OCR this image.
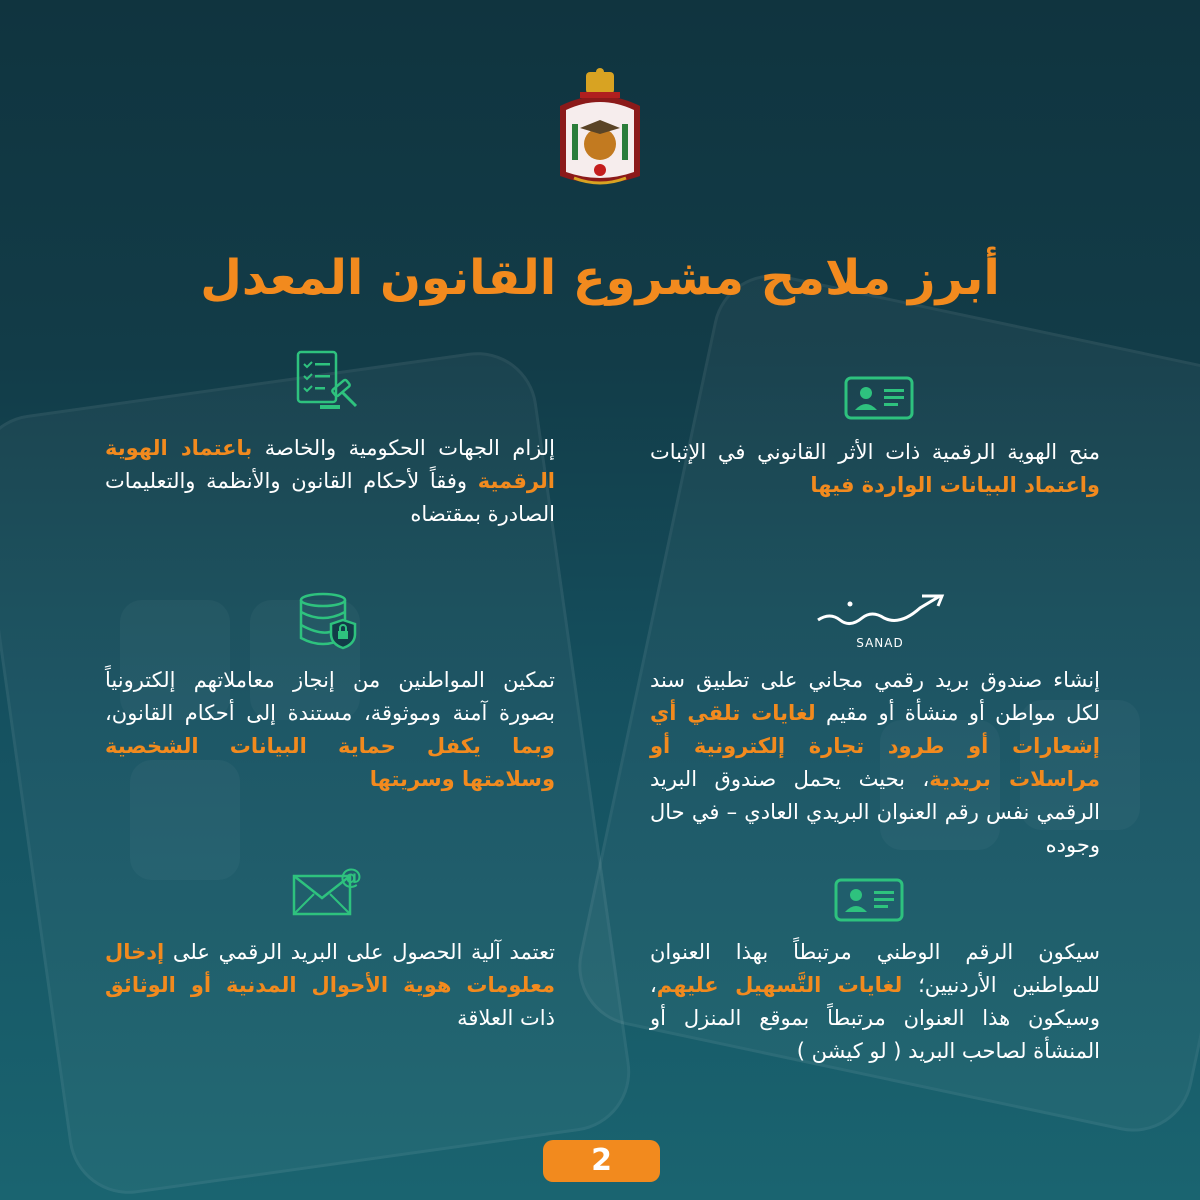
أبرز ملامح مشروع القانون المعدل
منح الهوية الرقمية ذات الأثر القانوني في الإثبات واعتماد البيانات الواردة فيها
إلزام الجهات الحكومية والخاصة باعتماد الهوية الرقمية وفقاً لأحكام القانون والأنظمة والتعليمات الصادرة بمقتضاه
SANAD
إنشاء صندوق بريد رقمي مجاني على تطبيق سند لكل مواطن أو منشأة أو مقيم لغايات تلقي أي إشعارات أو طرود تجارة إلكترونية أو مراسلات بريدية، بحيث يحمل صندوق البريد الرقمي نفس رقم العنوان البريدي العادي – في حال وجوده
تمكين المواطنين من إنجاز معاملاتهم إلكترونياً بصورة آمنة وموثوقة، مستندة إلى أحكام القانون، وبما يكفل حماية البيانات الشخصية وسلامتها وسريتها
سيكون الرقم الوطني مرتبطاً بهذا العنوان للمواطنين الأردنيين؛ لغايات التَّسهيل عليهم، وسيكون هذا العنوان مرتبطاً بموقع المنزل أو المنشأة لصاحب البريد ( لو كيشن )
@
تعتمد آلية الحصول على البريد الرقمي على إدخال معلومات هوية الأحوال المدنية أو الوثائق ذات العلاقة
2
